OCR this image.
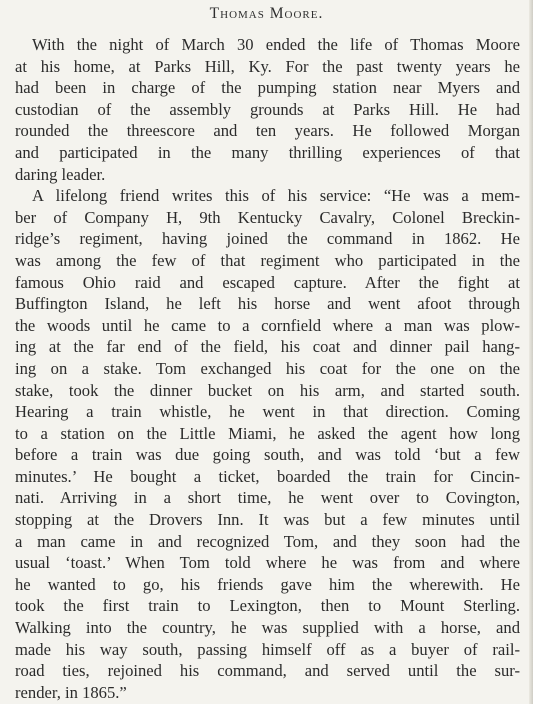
Thomas Moore.
With the night of March 30 ended the life of Thomas Moore
at his home, at Parks Hill, Ky. For the past twenty years he
had been in charge of the pumping station near Myers and
custodian of the assembly grounds at Parks Hill. He had
rounded the threescore and ten years. He followed Morgan
and participated in the many thrilling experiences of that
daring leader.
A lifelong friend writes this of his service: “He was a mem-
ber of Company H, 9th Kentucky Cavalry, Colonel Breckin-
ridge’s regiment, having joined the command in 1862. He
was among the few of that regiment who participated in the
famous Ohio raid and escaped capture. After the fight at
Buffington Island, he left his horse and went afoot through
the woods until he came to a cornfield where a man was plow-
ing at the far end of the field, his coat and dinner pail hang-
ing on a stake. Tom exchanged his coat for the one on the
stake, took the dinner bucket on his arm, and started south.
Hearing a train whistle, he went in that direction. Coming
to a station on the Little Miami, he asked the agent how long
before a train was due going south, and was told ‘but a few
minutes.’ He bought a ticket, boarded the train for Cincin-
nati. Arriving in a short time, he went over to Covington,
stopping at the Drovers Inn. It was but a few minutes until
a man came in and recognized Tom, and they soon had the
usual ‘toast.’ When Tom told where he was from and where
he wanted to go, his friends gave him the wherewith. He
took the first train to Lexington, then to Mount Sterling.
Walking into the country, he was supplied with a horse, and
made his way south, passing himself off as a buyer of rail-
road ties, rejoined his command, and served until the sur-
render, in 1865.”
